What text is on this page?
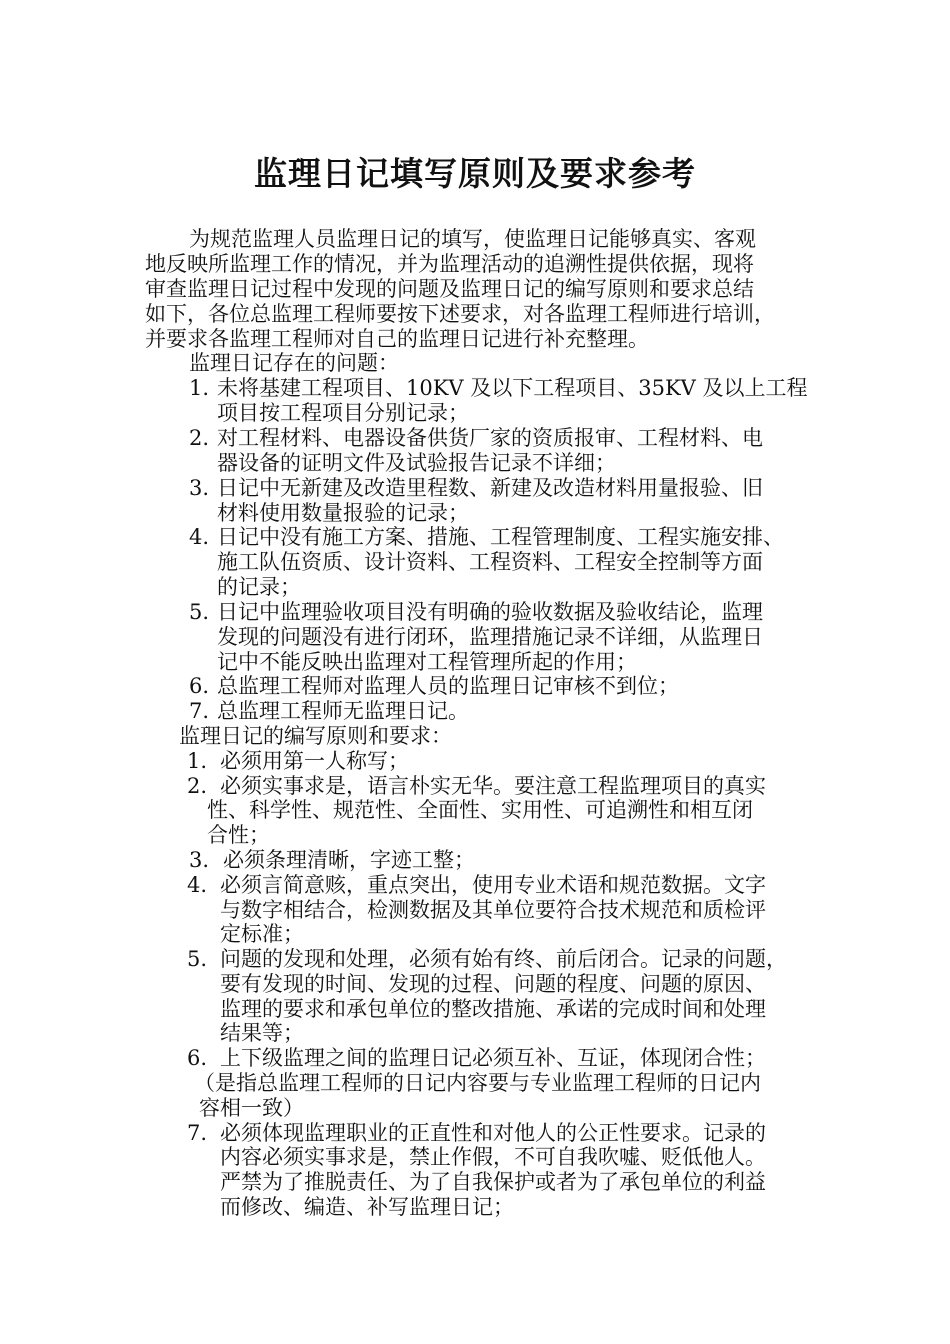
监理日记填写原则及要求参考

为规范监理人员监理日记的填写，使监理日记能够真实、客观

地反映所监理工作的情况，并为监理活动的追溯性提供依据，现将

审查监理日记过程中发现的问题及监理日记的编写原则和要求总结

如下，各位总监理工程师要按下述要求，对各监理工程师进行培训，

并要求各监理工程师对自己的监理日记进行补充整理。

监理日记存在的问题：

1. 未将基建工程项目、10KV 及以下工程项目、35KV 及以上工程
项目按工程项目分别记录；
2. 对工程材料、电器设备供货厂家的资质报审、工程材料、电
器设备的证明文件及试验报告记录不详细；
3. 日记中无新建及改造里程数、新建及改造材料用量报验、旧
材料使用数量报验的记录；
4. 日记中没有施工方案、措施、工程管理制度、工程实施安排、
施工队伍资质、设计资料、工程资料、工程安全控制等方面
的记录；
5. 日记中监理验收项目没有明确的验收数据及验收结论，监理
发现的问题没有进行闭环，监理措施记录不详细，从监理日
记中不能反映出监理对工程管理所起的作用；
6. 总监理工程师对监理人员的监理日记审核不到位；
7. 总监理工程师无监理日记。

监理日记的编写原则和要求：

1. 必须用第一人称写；
2. 必须实事求是，语言朴实无华。要注意工程监理项目的真实
性、科学性、规范性、全面性、实用性、可追溯性和相互闭
合性；
3. 必须条理清晰，字迹工整；
4. 必须言简意赅，重点突出，使用专业术语和规范数据。文字
与数字相结合，检测数据及其单位要符合技术规范和质检评
定标准；
5. 问题的发现和处理，必须有始有终、前后闭合。记录的问题，
要有发现的时间、发现的过程、问题的程度、问题的原因、
监理的要求和承包单位的整改措施、承诺的完成时间和处理
结果等；
6. 上下级监理之间的监理日记必须互补、互证，体现闭合性；
（是指总监理工程师的日记内容要与专业监理工程师的日记内
容相一致）
7. 必须体现监理职业的正直性和对他人的公正性要求。记录的
内容必须实事求是，禁止作假，不可自我吹嘘、贬低他人。
严禁为了推脱责任、为了自我保护或者为了承包单位的利益
而修改、编造、补写监理日记；
